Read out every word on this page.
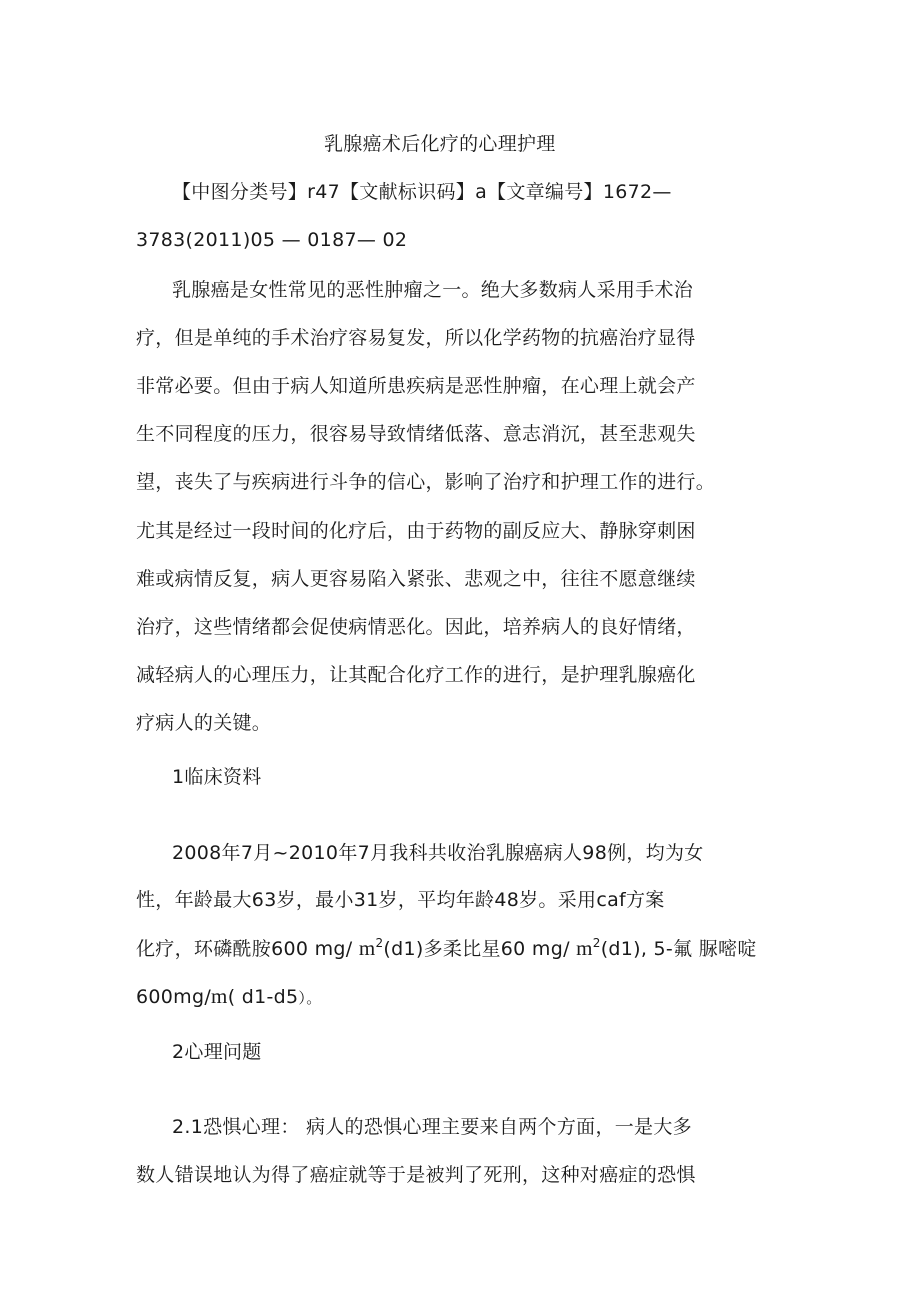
乳腺癌术后化疗的心理护理
【中图分类号】r47【文献标识码】a【文章编号】1672—
3783(2011)05 — 0187— 02
乳腺癌是女性常见的恶性肿瘤之一。绝大多数病人采用手术治
疗，但是单纯的手术治疗容易复发，所以化学药物的抗癌治疗显得
非常必要。但由于病人知道所患疾病是恶性肿瘤，在心理上就会产
生不同程度的压力，很容易导致情绪低落、意志消沉，甚至悲观失
望，丧失了与疾病进行斗争的信心，影响了治疗和护理工作的进行。
尤其是经过一段时间的化疗后，由于药物的副反应大、静脉穿刺困
难或病情反复，病人更容易陷入紧张、悲观之中，往往不愿意继续
治疗，这些情绪都会促使病情恶化。因此，培养病人的良好情绪，
减轻病人的心理压力，让其配合化疗工作的进行，是护理乳腺癌化
疗病人的关键。
1临床资料
2008年7月~2010年7月我科共收治乳腺癌病人98例，均为女
性，年龄最大63岁，最小31岁，平均年龄48岁。采用caf方案
化疗，环磷酰胺600 mg/ $m^2(d1)$多柔比星60 mg/ $m^2(d1)$, 5-氟 脲嘧啶
600mg/m( d1-d5）。
2心理问题
2.1恐惧心理： 病人的恐惧心理主要来自两个方面，一是大多
数人错误地认为得了癌症就等于是被判了死刑，这种对癌症的恐惧
